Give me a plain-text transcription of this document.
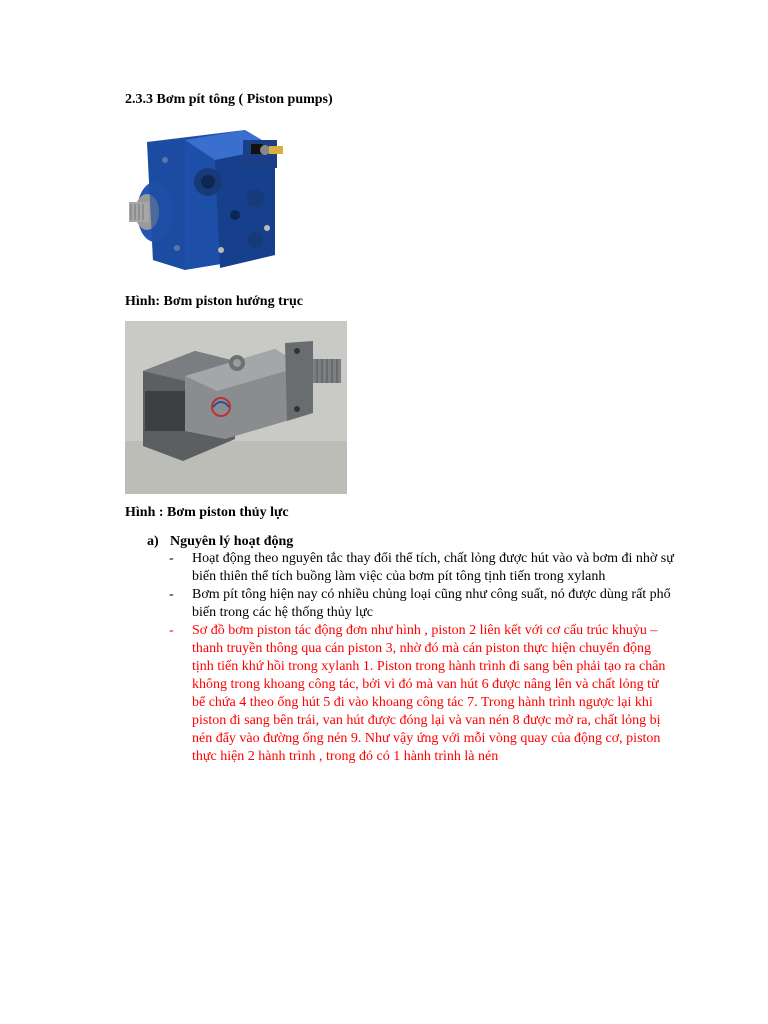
2.3.3 Bơm pít tông ( Piston pumps)
Hình: Bơm piston hướng trục
Hình : Bơm piston thủy lực
a) Nguyên lý hoạt động

- Hoạt động theo nguyên tắc thay đổi thể tích, chất lỏng được hút vào và bơm đi nhờ sự biến thiên thể tích buồng làm việc của bơm pít tông tịnh tiến trong xylanh

- Bơm pít tông hiện nay có nhiều chủng loại cũng như công suất, nó được dùng rất phổ biến trong các hệ thống thủy lực

- Sơ đồ bơm piston tác động đơn như hình , piston 2 liên kết với cơ cấu trúc khuỷu – thanh truyền thông qua cán piston 3, nhờ đó mà cán piston thực hiện chuyển động tịnh tiến khứ hồi trong xylanh 1. Piston trong hành trình đi sang bên phải tạo ra chân không trong khoang công tác, bởi vì đó mà van hút 6 được nâng lên và chất lỏng từ bể chứa 4 theo ống hút 5 đi vào khoang công tác 7. Trong hành trình ngược lại khi piston đi sang bên trái, van hút được đóng lại và van nén 8 được mở ra, chất lỏng bị nén đẩy vào đường ống nén 9. Như vậy ứng với mỗi vòng quay của động cơ, piston thực hiện 2 hành trình , trong đó có 1 hành trình là nén
